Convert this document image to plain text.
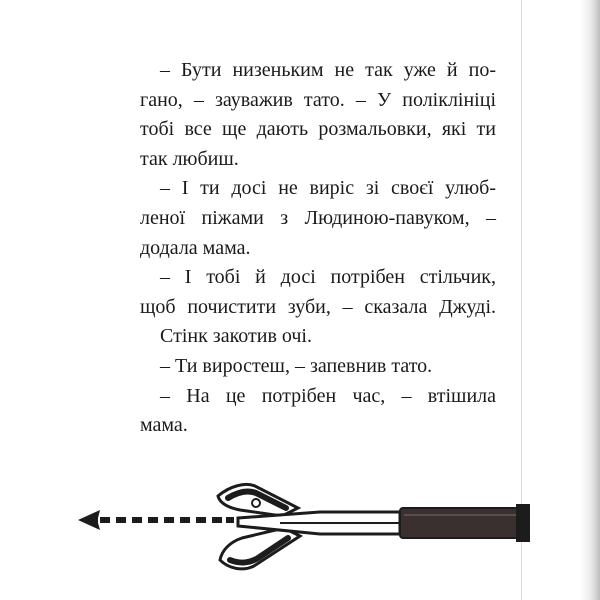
– Бути низеньким не так уже й по-
гано, – зауважив тато. – У поліклініці
тобі все ще дають розмальовки, які ти
так любиш.
– І ти досі не виріс зі своєї улюб-
леної піжами з Людиною-павуком, –
додала мама.
– І тобі й досі потрібен стільчик,
щоб почистити зуби, – сказала Джуді.
Стінк закотив очі.
– Ти виростеш, – запевнив тато.
– На це потрібен час, – втішила
мама.
